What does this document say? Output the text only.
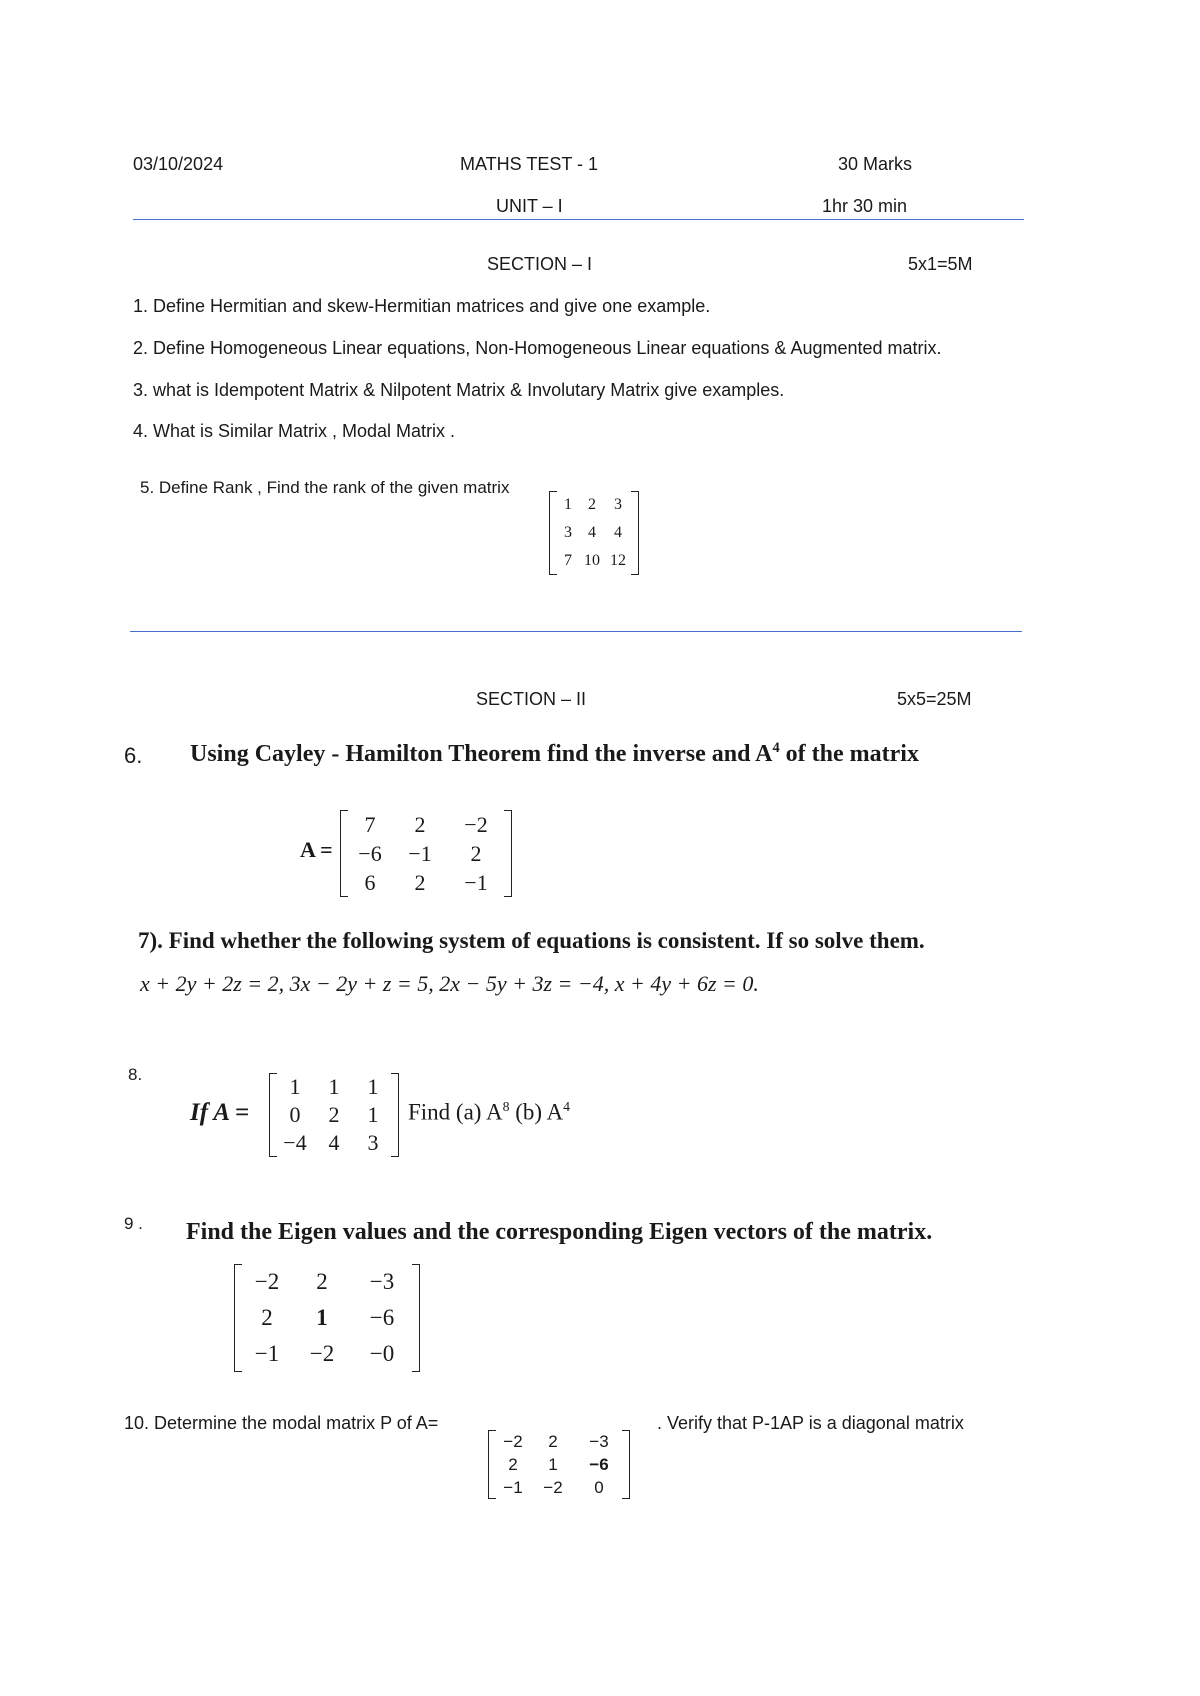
03/10/2024	MATHS TEST - 1	30 Marks
UNIT – I	1hr 30 min
SECTION – I	5x1=5M
1. Define Hermitian and skew-Hermitian matrices and give one example.
2. Define Homogeneous Linear equations, Non-Homogeneous Linear equations & Augmented matrix.
3. what is Idempotent Matrix & Nilpotent Matrix & Involutary Matrix give examples.
4. What is Similar Matrix , Modal Matrix .
5. Define Rank , Find the rank of the given matrix
1	2	3
3	4	4
7	10	12
SECTION – II	5x5=25M
6. Using Cayley - Hamilton Theorem find the inverse and $A^4$ of the matrix
A =
7	2	−2
−6	−1	2
6	2	−1
7). Find whether the following system of equations is consistent. If so solve them.
x + 2y + 2z = 2, 3x − 2y + z = 5, 2x − 5y + 3z = −4, x + 4y + 6z = 0.
8.
If A =
1	1	1
0	2	1
−4	4	3
Find (a) $A^8$ (b) $A^4$
9 . Find the Eigen values and the corresponding Eigen vectors of the matrix.
−2	2	−3
2	1	−6
−1	−2	−0
10. Determine the modal matrix P of A=
−2	2	−3
2	1	−6
−1	−2	0
. Verify that P-1AP is a diagonal matrix
